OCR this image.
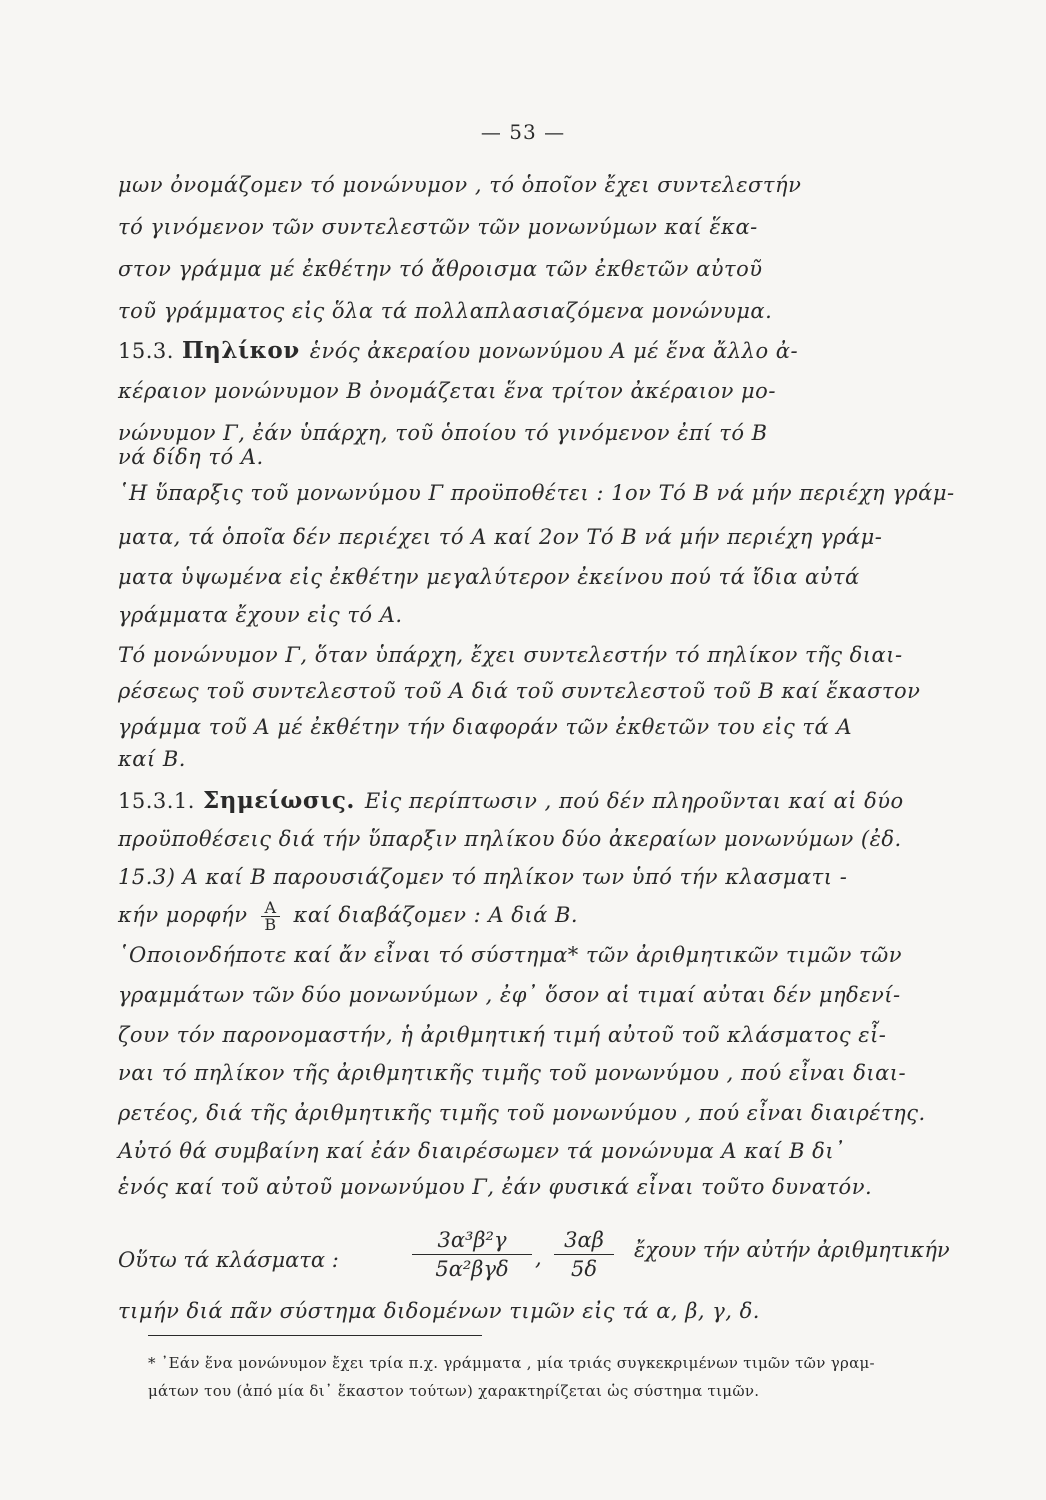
— 53 —
μων ὀνομάζομεν τό μονώνυμον , τό ὁποῖον ἔχει συντελεστήν
τό γινόμενον τῶν συντελεστῶν τῶν μονωνύμων καί ἕκα-
στον γράμμα μέ ἐκθέτην τό ἄθροισμα τῶν ἐκθετῶν αὐτοῦ
τοῦ γράμματος εἰς ὅλα τά πολλαπλασιαζόμενα μονώνυμα.
15.3. Πηλίκον ἑνός ἀκεραίου μονωνύμου Α μέ ἕνα ἄλλο ἀ-
κέραιον μονώνυμον Β ὀνομάζεται ἕνα τρίτον ἀκέραιον μο-
νώνυμον Γ, ἐάν ὑπάρχη, τοῦ ὁποίου τό γινόμενον ἐπί τό Β
νά δίδη τό Α.
῾Η ὕπαρξις τοῦ μονωνύμου Γ προϋποθέτει : 1ον Τό Β νά μήν περιέχη γράμ-
ματα, τά ὁποῖα δέν περιέχει τό Α καί 2ον Τό Β νά μήν περιέχη γράμ-
ματα ὑψωμένα εἰς ἐκθέτην μεγαλύτερον ἐκείνου πού τά ἴδια αὐτά
γράμματα ἔχουν εἰς τό Α.
Τό μονώνυμον Γ, ὅταν ὑπάρχη, ἔχει συντελεστήν τό πηλίκον τῆς διαι-
ρέσεως τοῦ συντελεστοῦ τοῦ Α διά τοῦ συντελεστοῦ τοῦ Β καί ἕκαστον
γράμμα τοῦ Α μέ ἐκθέτην τήν διαφοράν τῶν ἐκθετῶν του εἰς τά Α
καί Β.
15.3.1. Σημείωσις. Εἰς περίπτωσιν , πού δέν πληροῦνται καί αἱ δύο
προϋποθέσεις διά τήν ὕπαρξιν πηλίκου δύο ἀκεραίων μονωνύμων (ἐδ.
15.3) Α καί Β παρουσιάζομεν τό πηλίκον των ὑπό τήν κλασματι -
κήν μορφήν $\frac{A}{B}$ καί διαβάζομεν : Α διά Β.
῾Οποιονδήποτε καί ἄν εἶναι τό σύστημα* τῶν ἀριθμητικῶν τιμῶν τῶν
γραμμάτων τῶν δύο μονωνύμων , ἐφ᾽ ὅσον αἱ τιμαί αὐται δέν μηδενί-
ζουν τόν παρονομαστήν, ἡ ἀριθμητική τιμή αὐτοῦ τοῦ κλάσματος εἶ-
ναι τό πηλίκον τῆς ἀριθμητικῆς τιμῆς τοῦ μονωνύμου , πού εἶναι διαι-
ρετέος, διά τῆς ἀριθμητικῆς τιμῆς τοῦ μονωνύμου , πού εἶναι διαιρέτης.
Αὐτό θά συμβαίνη καί ἐάν διαιρέσωμεν τά μονώνυμα Α καί Β δι᾽
ἑνός καί τοῦ αὐτοῦ μονωνύμου Γ, ἐάν φυσικά εἶναι τοῦτο δυνατόν.
Οὕτω τά κλάσματα :
3α³β²γ
5α²βγδ	, $\frac{3\alpha\beta}{5\delta}$ ἔχουν τήν αὐτήν ἀριθμητικήν
τιμήν διά πᾶν σύστημα διδομένων τιμῶν εἰς τά α, β, γ, δ.
* ᾿Εάν ἕνα μονώνυμον ἔχει τρία π.χ. γράμματα , μία τριάς συγκεκριμένων τιμῶν τῶν γραμ-
μάτων του (ἀπό μία δι᾽ ἕκαστον τούτων) χαρακτηρίζεται ὡς σύστημα τιμῶν.
